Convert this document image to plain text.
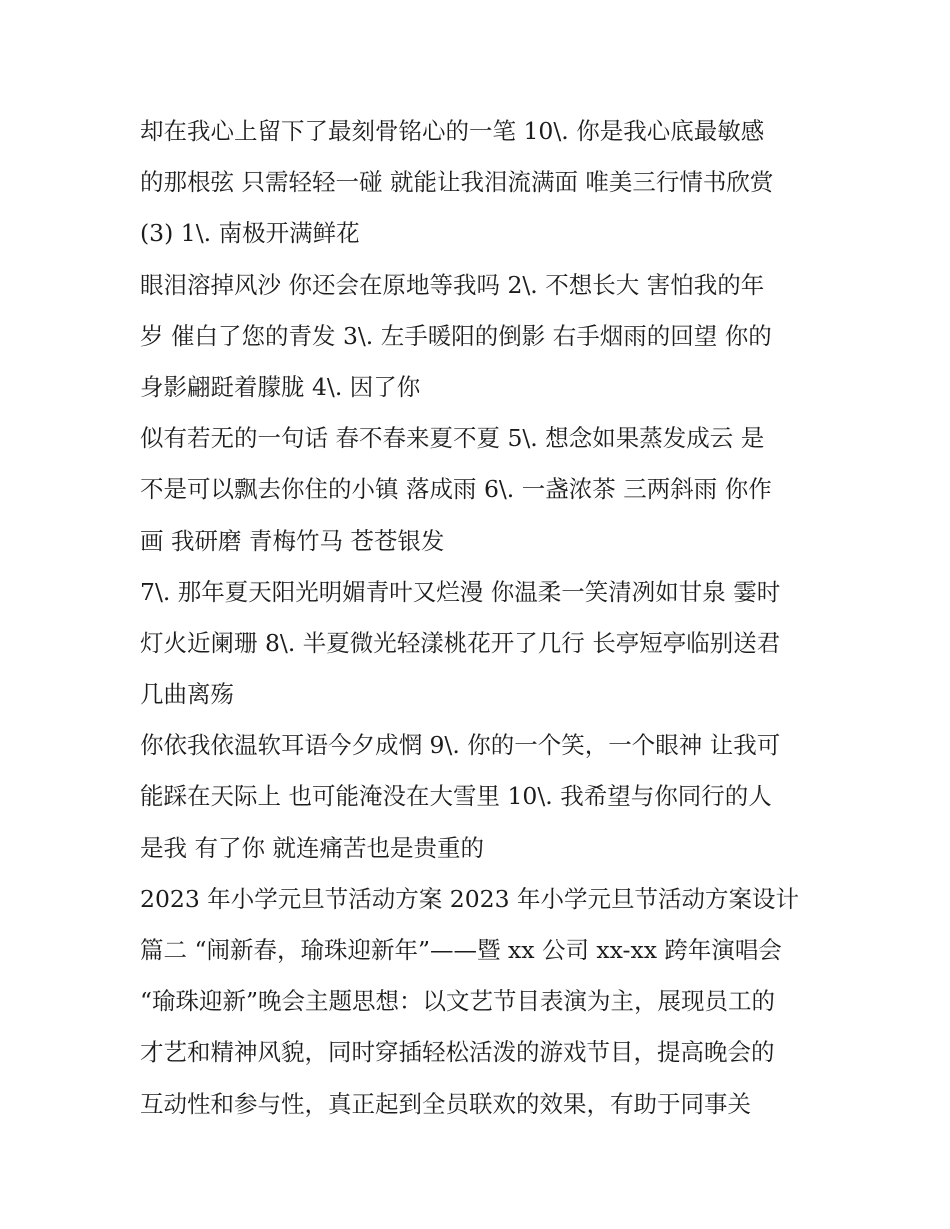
却在我心上留下了最刻骨铭心的一笔 10\. 你是我心底最敏感
的那根弦 只需轻轻一碰 就能让我泪流满面 唯美三行情书欣赏
(3) 1\. 南极开满鲜花
眼泪溶掉风沙 你还会在原地等我吗 2\. 不想长大 害怕我的年
岁 催白了您的青发 3\. 左手暖阳的倒影 右手烟雨的回望 你的
身影翩跹着朦胧 4\. 因了你
似有若无的一句话 春不春来夏不夏 5\. 想念如果蒸发成云 是
不是可以飘去你住的小镇 落成雨 6\. 一盏浓茶 三两斜雨 你作
画 我研磨 青梅竹马 苍苍银发
7\. 那年夏天阳光明媚青叶又烂漫 你温柔一笑清冽如甘泉 霎时
灯火近阑珊 8\. 半夏微光轻漾桃花开了几行 长亭短亭临别送君
几曲离殇
你依我依温软耳语今夕成惘 9\. 你的一个笑，一个眼神 让我可
能踩在天际上 也可能淹没在大雪里 10\. 我希望与你同行的人
是我 有了你 就连痛苦也是贵重的
2023 年小学元旦节活动方案 2023 年小学元旦节活动方案设计
篇二 “闹新春，瑜珠迎新年”——暨 xx 公司 xx-xx 跨年演唱会
“瑜珠迎新”晚会主题思想：以文艺节目表演为主，展现员工的
才艺和精神风貌，同时穿插轻松活泼的游戏节目，提高晚会的
互动性和参与性，真正起到全员联欢的效果，有助于同事关
